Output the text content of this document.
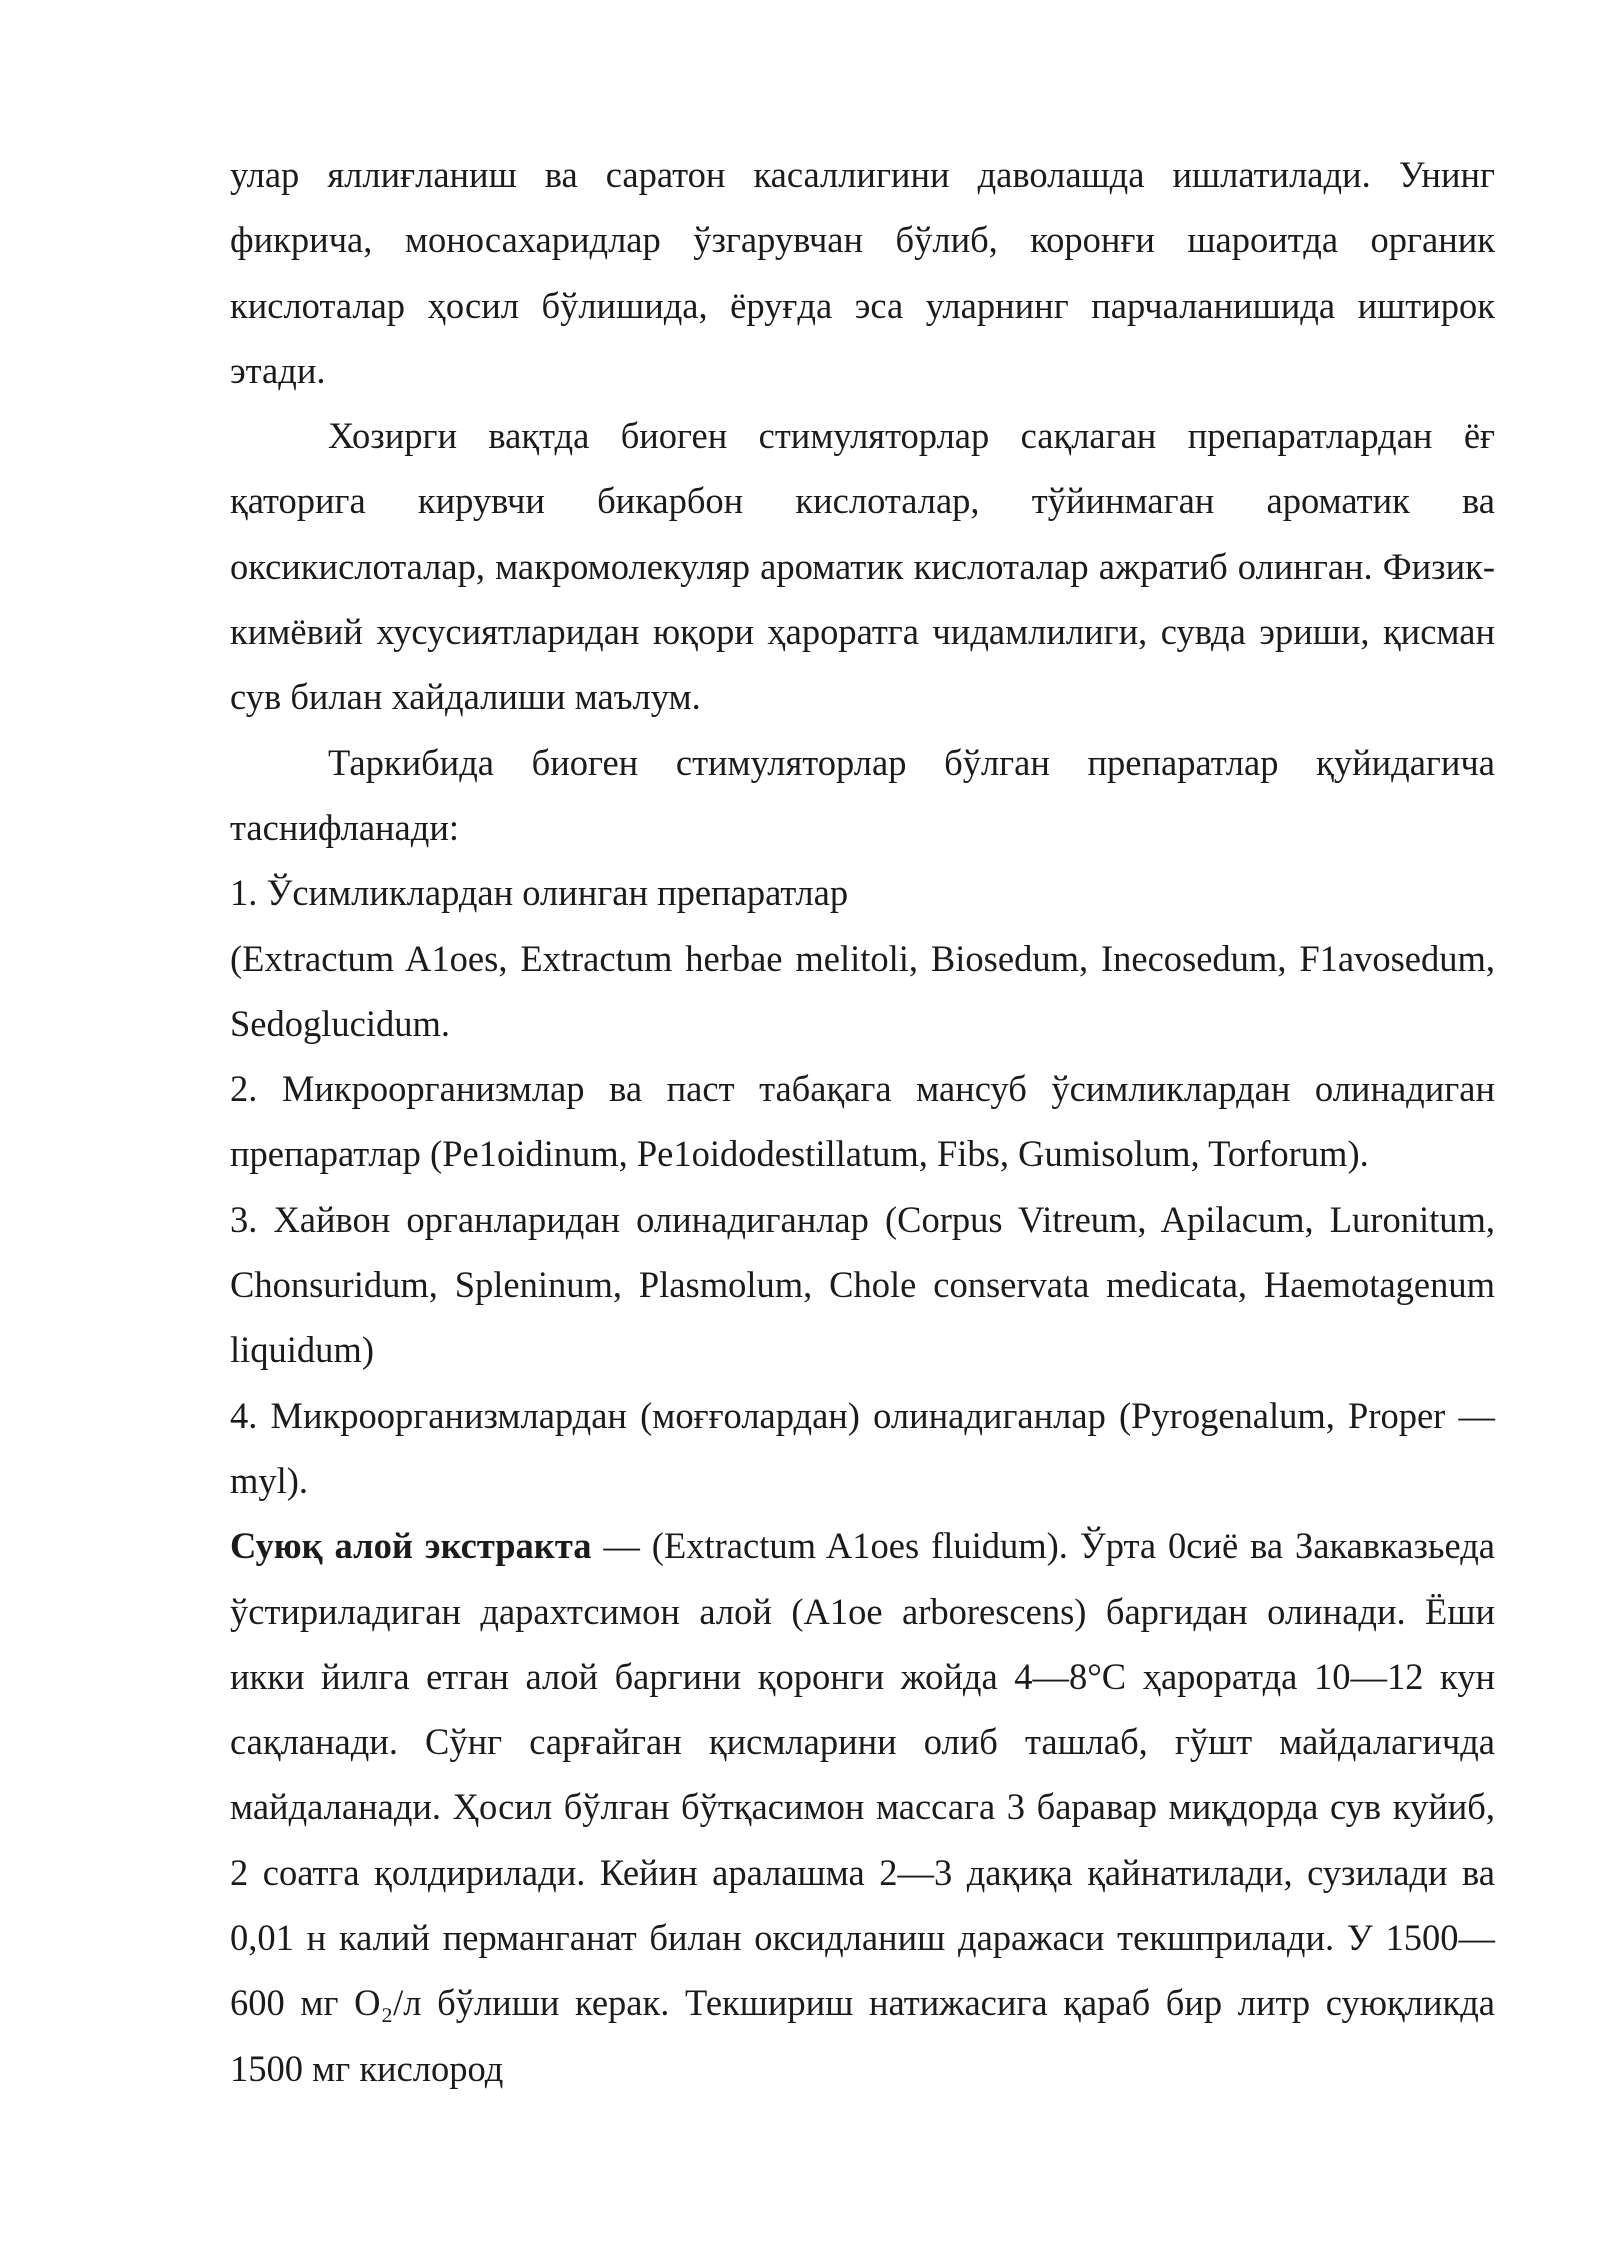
улар яллиғланиш ва саратон касаллигини даволашда ишлатилади. Унинг фикрича, моносахаридлар ўзгарувчан бўлиб, коронғи шароитда органик кислоталар ҳосил бўлишида, ёруғда эса уларнинг парчаланишида иштирок этади.

Хозирги вақтда биоген стимуляторлар сақлаган препаратлардан ёғ қаторига кирувчи бикарбон кислоталар, тўйинмаган ароматик ва оксикислоталар, макромолекуляр ароматик кислоталар ажратиб олинган. Физик-кимёвий хусусиятларидан юқори ҳароратга чидамлилиги, сувда эриши, қисман сув билан хайдалиши маълум.

Таркибида биоген стимуляторлар бўлган препаратлар қуйидагича таснифланади:

1. Ўсимликлардан олинган препаратлар

(Extractum A1oes, Extractum herbae melitoli, Biosedum, Inecosedum, F1avosedum, Sedoglucidum.

2. Микроорганизмлар ва паст табақага мансуб ўсимликлардан олинадиган препаратлар (Pe1oidinum, Pe1oidodestillatum, Fibs, Gumisolum, Torforum).

3. Хайвон органларидан олинадиганлар (Corpus Vitreum, Apilacum, Luronitum, Chonsuridum, Spleninum, Plasmolum, Chole conservata medicata, Haemotagenum liquidum)

4. Микроорганизмлардан (моғғолардан) олинадиганлар (Pyrogenalum, Proper — myl).

Суюқ алой экстракта — (Extractum A1oes fluidum). Ўрта 0сиё ва Закавказьеда ўстириладиган дарахтсимон алой (A1oe arborescens) баргидан олинади. Ёши икки йилга етган алой баргини қоронги жойда 4—8°С ҳароратда 10—12 кун сақланади. Сўнг сарғайган қисмларини олиб ташлаб, гўшт майдалагичда майдаланади. Ҳосил бўлган бўтқасимон массага 3 баравар миқдорда сув куйиб, 2 соатга қолдирилади. Кейин аралашма 2—3 дақиқа қайнатилади, сузилади ва 0,01 н калий перманганат билан оксидланиш даражаси текшприлади. У 1500—600 мг O₂/л бўлиши керак. Текшириш натижасига қараб бир литр суюқликда 1500 мг кислород
